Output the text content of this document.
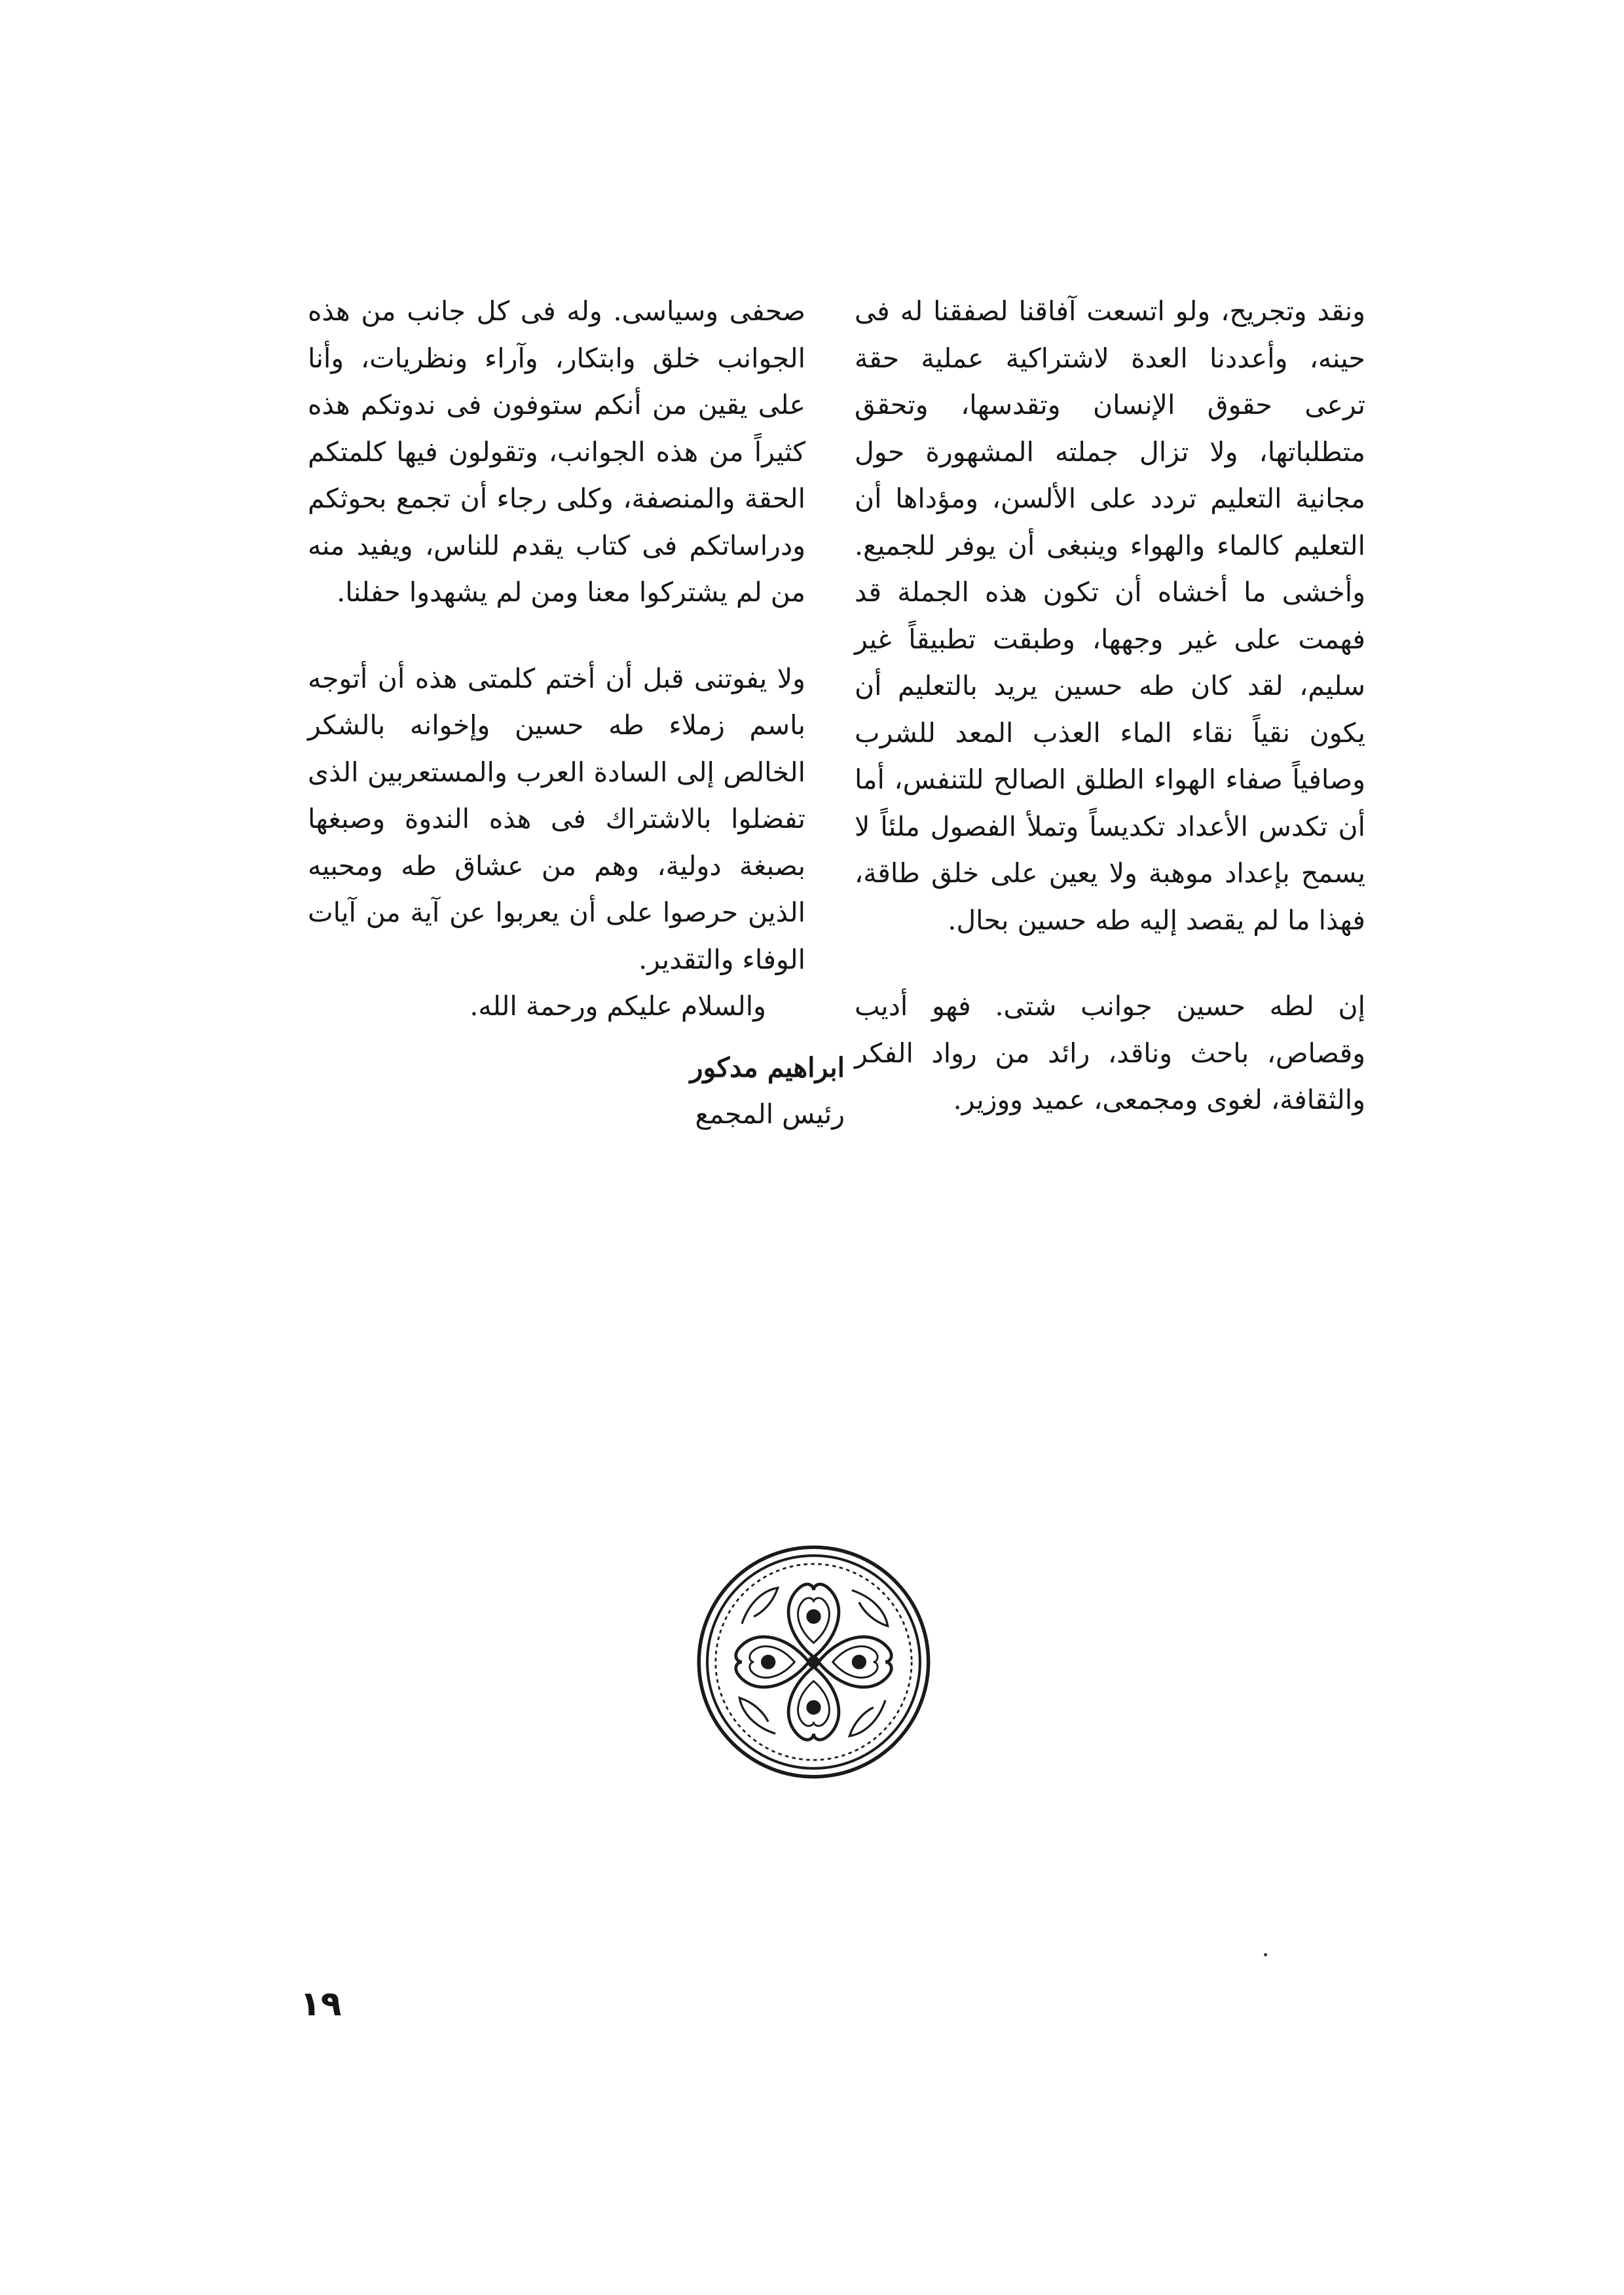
ونقد وتجريح، ولو اتسعت آفاقنا لصفقنا له فى حينه، وأعددنا العدة لاشتراكية عملية حقة ترعى حقوق الإنسان وتقدسها، وتحقق متطلباتها، ولا تزال جملته المشهورة حول مجانية التعليم تردد على الألسن، ومؤداها أن التعليم كالماء والهواء وينبغى أن يوفر للجميع. وأخشى ما أخشاه أن تكون هذه الجملة قد فهمت على غير وجهها، وطبقت تطبيقاً غير سليم، لقد كان طه حسين يريد بالتعليم أن يكون نقياً نقاء الماء العذب المعد للشرب وصافياً صفاء الهواء الطلق الصالح للتنفس، أما أن تكدس الأعداد تكديساً وتملأ الفصول ملئاً لا يسمح بإعداد موهبة ولا يعين على خلق طاقة، فهذا ما لم يقصد إليه طه حسين بحال.

إن لطه حسين جوانب شتى. فهو أديب وقصاص، باحث وناقد، رائد من رواد الفكر والثقافة، لغوى ومجمعى، عميد ووزير.

صحفى وسياسى. وله فى كل جانب من هذه الجوانب خلق وابتكار، وآراء ونظريات، وأنا على يقين من أنكم ستوفون فى ندوتكم هذه كثيراً من هذه الجوانب، وتقولون فيها كلمتكم الحقة والمنصفة، وكلى رجاء أن تجمع بحوثكم ودراساتكم فى كتاب يقدم للناس، ويفيد منه من لم يشتركوا معنا ومن لم يشهدوا حفلنا.

ولا يفوتنى قبل أن أختم كلمتى هذه أن أتوجه باسم زملاء طه حسين وإخوانه بالشكر الخالص إلى السادة العرب والمستعربين الذى تفضلوا بالاشتراك فى هذه الندوة وصبغها بصبغة دولية، وهم من عشاق طه ومحبيه الذين حرصوا على أن يعربوا عن آية من آيات الوفاء والتقدير.

والسلام عليكم ورحمة الله.

ابراهيم مدكور

رئيس المجمع

١٩
